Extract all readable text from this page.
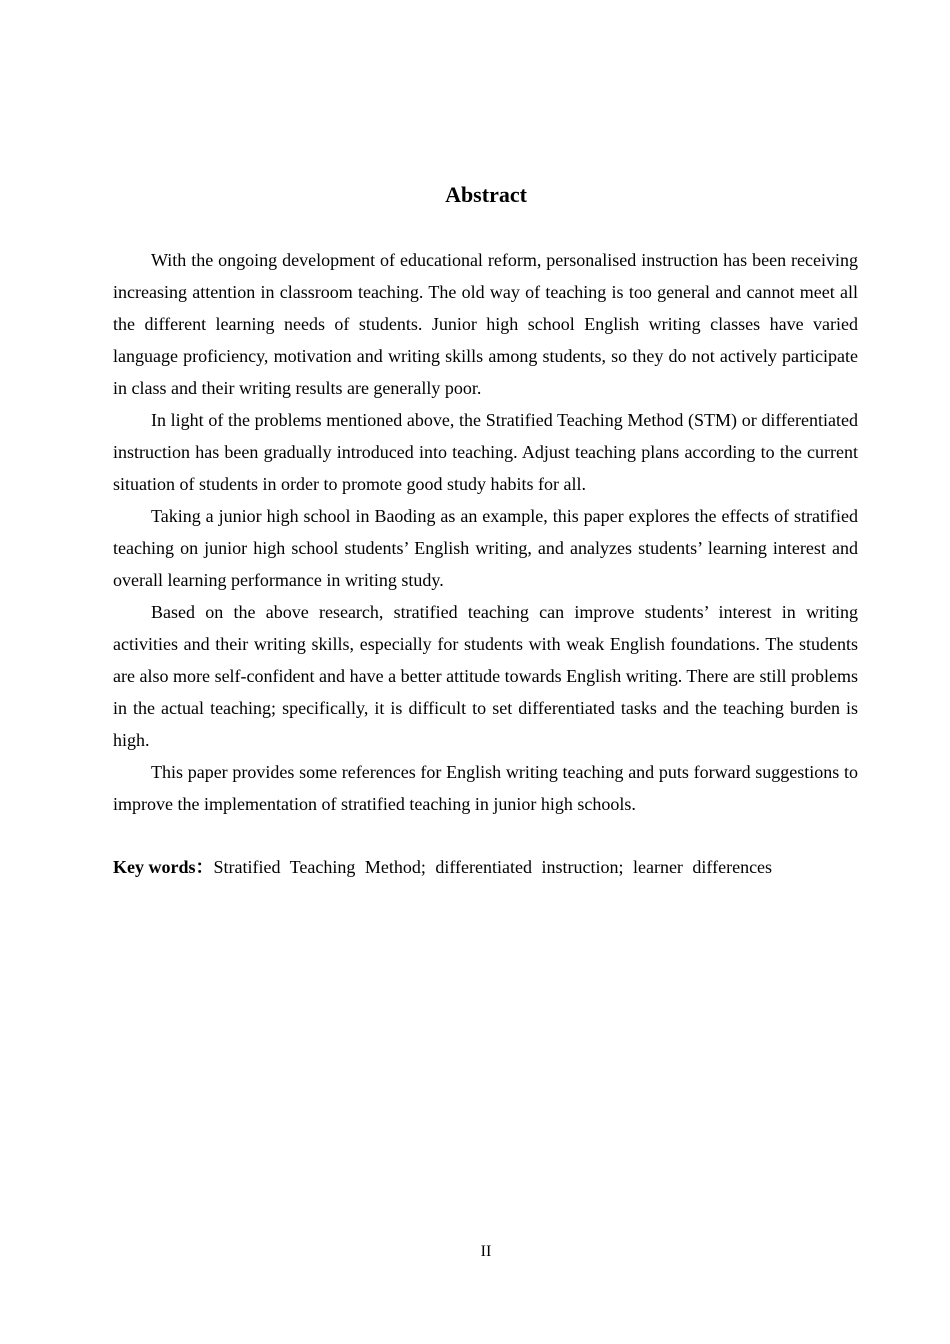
Abstract

With the ongoing development of educational reform, personalised instruction has been receiving increasing attention in classroom teaching. The old way of teaching is too general and cannot meet all the different learning needs of students. Junior high school English writing classes have varied language proficiency, motivation and writing skills among students, so they do not actively participate in class and their writing results are generally poor.

In light of the problems mentioned above, the Stratified Teaching Method (STM) or differentiated instruction has been gradually introduced into teaching. Adjust teaching plans according to the current situation of students in order to promote good study habits for all.

Taking a junior high school in Baoding as an example, this paper explores the effects of stratified teaching on junior high school students’ English writing, and analyzes students’ learning interest and overall learning performance in writing study.

Based on the above research, stratified teaching can improve students’ interest in writing activities and their writing skills, especially for students with weak English foundations. The students are also more self-confident and have a better attitude towards English writing. There are still problems in the actual teaching; specifically, it is difficult to set differentiated tasks and the teaching burden is high.

This paper provides some references for English writing teaching and puts forward suggestions to improve the implementation of stratified teaching in junior high schools.

Key words：Stratified Teaching Method; differentiated instruction; learner differences

II
